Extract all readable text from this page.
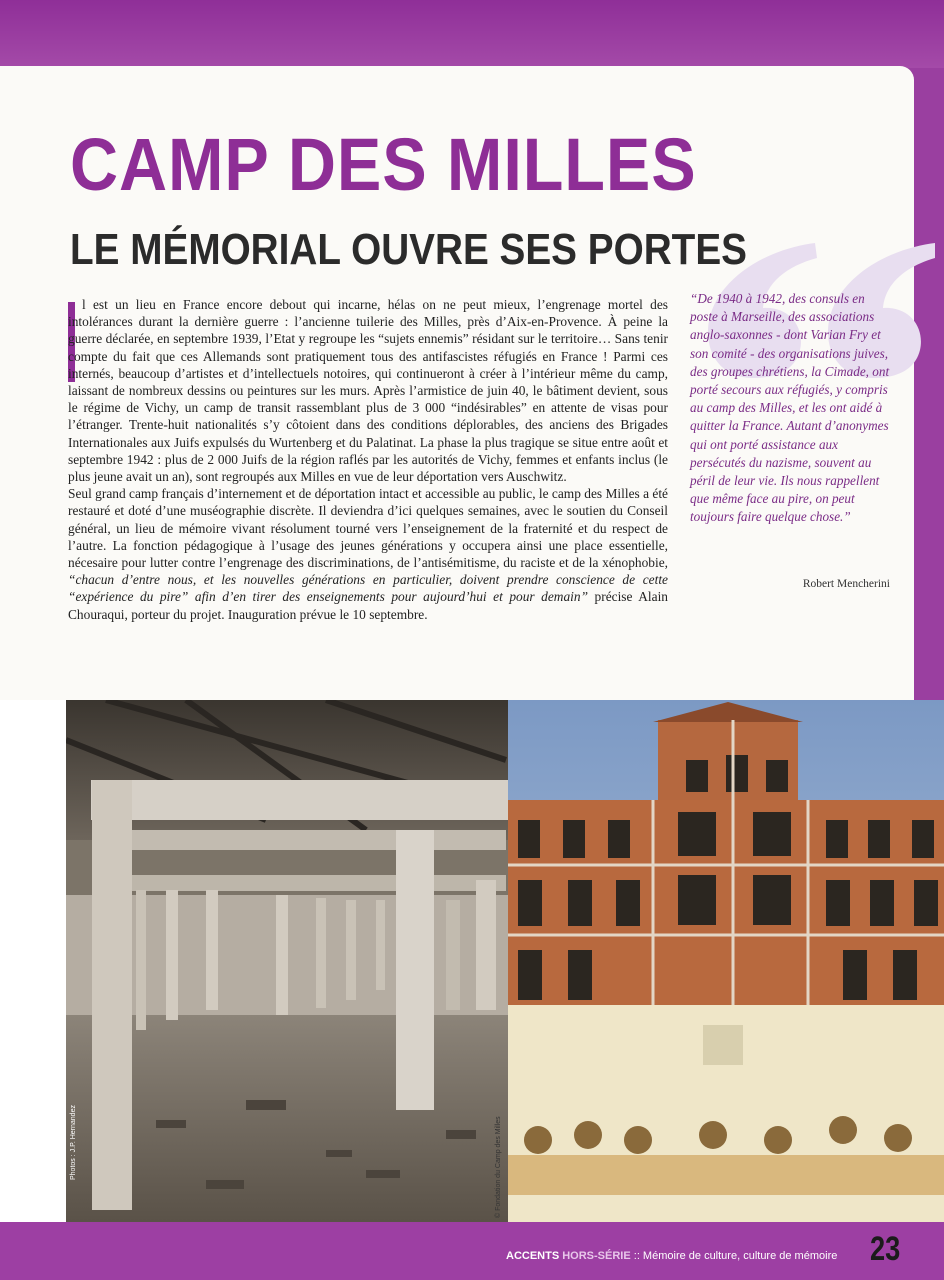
CAMP DES MILLES
LE MÉMORIAL OUVRE SES PORTES

l est un lieu en France encore debout qui incarne, hélas on ne peut mieux, l’engrenage mortel des intolérances durant la dernière guerre : l’ancienne tuilerie des Milles, près d’Aix-en-Provence. À peine la guerre déclarée, en septembre 1939, l’Etat y regroupe les “sujets ennemis” résidant sur le territoire… Sans tenir compte du fait que ces Allemands sont pratiquement tous des antifascistes réfugiés en France ! Parmi ces internés, beaucoup d’artistes et d’intellectuels notoires, qui continueront à créer à l’intérieur même du camp, laissant de nombreux dessins ou peintures sur les murs. Après l’armistice de juin 40, le bâtiment devient, sous le régime de Vichy, un camp de transit rassemblant plus de 3 000 “indésirables” en attente de visas pour l’étranger. Trente-huit nationalités s’y côtoient dans des conditions déplorables, des anciens des Brigades Internationales aux Juifs expulsés du Wurtenberg et du Palatinat. La phase la plus tragique se situe entre août et septembre 1942 : plus de 2 000 Juifs de la région raflés par les autorités de Vichy, femmes et enfants inclus (le plus jeune avait un an), sont regroupés aux Milles en vue de leur déportation vers Auschwitz.

Seul grand camp français d’internement et de déportation intact et accessible au public, le camp des Milles a été restauré et doté d’une muséographie discrète. Il deviendra d’ici quelques semaines, avec le soutien du Conseil général, un lieu de mémoire vivant résolument tourné vers l’enseignement de la fraternité et du respect de l’autre. La fonction pédagogique à l’usage des jeunes générations y occupera ainsi une place essentielle, nécesaire pour lutter contre l’engrenage des discriminations, de l’antisémitisme, du raciste et de la xénophobie, “chacun d’entre nous, et les nouvelles générations en particulier, doivent prendre conscience de cette “expérience du pire” afin d’en tirer des enseignements pour aujourd’hui et pour demain” précise Alain Chouraqui, porteur du projet. Inauguration prévue le 10 septembre.

“De 1940 à 1942, des consuls en poste à Marseille, des associations anglo-saxonnes - dont Varian Fry et son comité - des organisations juives, des groupes chrétiens, la Cimade, ont porté secours aux réfugiés, y compris au camp des Milles, et les ont aidé à quitter la France. Autant d’anonymes qui ont porté assistance aux persécutés du nazisme, souvent au péril de leur vie. Ils nous rappellent que même face au pire, on peut toujours faire quelque chose.”
Robert Mencherini
Photos : J.P. Hernandez	© Fondation du Camp des Milles
ACCENTS HORS-SÉRIE :: Mémoire de culture, culture de mémoire 23
